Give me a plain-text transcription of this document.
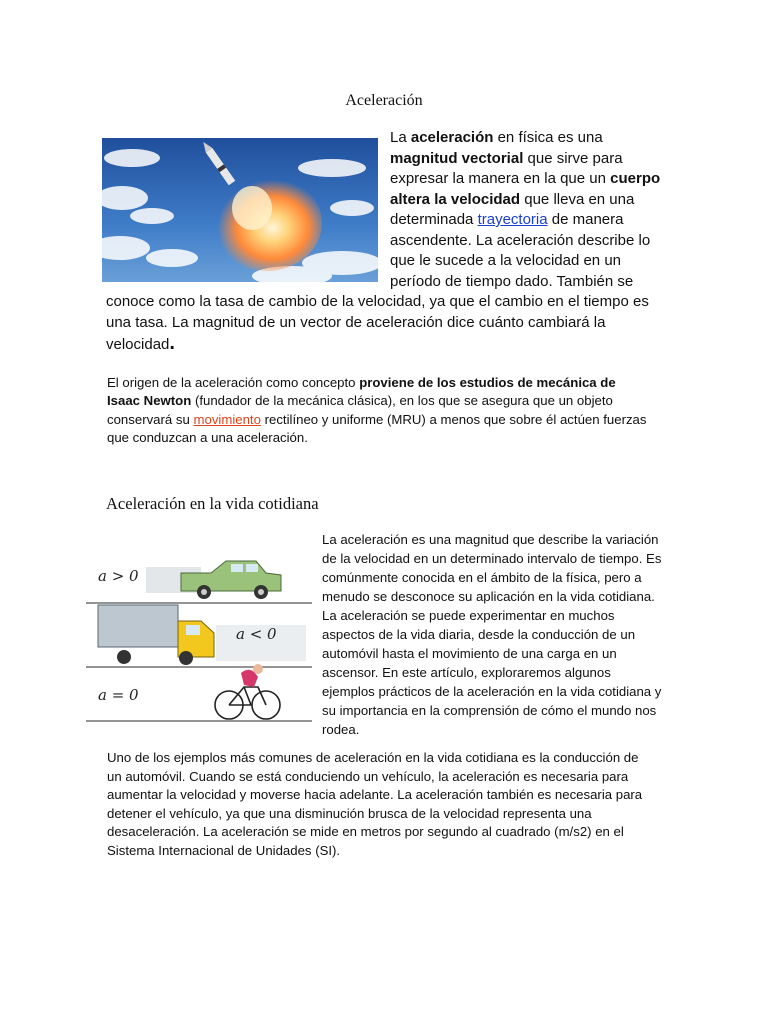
Aceleración

La aceleración en física es una magnitud vectorial que sirve para expresar la manera en la que un cuerpo altera la velocidad que lleva en una determinada trayectoria de manera ascendente. La aceleración describe lo que le sucede a la velocidad en un período de tiempo dado. También se conoce como la tasa de cambio de la velocidad, ya que el cambio en el tiempo es una tasa. La magnitud de un vector de aceleración dice cuánto cambiará la velocidad.

El origen de la aceleración como concepto proviene de los estudios de mecánica de Isaac Newton (fundador de la mecánica clásica), en los que se asegura que un objeto conservará su movimiento rectilíneo y uniforme (MRU) a menos que sobre él actúen fuerzas que conduzcan a una aceleración.

Aceleración en la vida cotidiana
a > 0
a < 0
a = 0

La aceleración es una magnitud que describe la variación de la velocidad en un determinado intervalo de tiempo. Es comúnmente conocida en el ámbito de la física, pero a menudo se desconoce su aplicación en la vida cotidiana. La aceleración se puede experimentar en muchos aspectos de la vida diaria, desde la conducción de un automóvil hasta el movimiento de una carga en un ascensor. En este artículo, exploraremos algunos ejemplos prácticos de la aceleración en la vida cotidiana y su importancia en la comprensión de cómo el mundo nos rodea.

Uno de los ejemplos más comunes de aceleración en la vida cotidiana es la conducción de un automóvil. Cuando se está conduciendo un vehículo, la aceleración es necesaria para aumentar la velocidad y moverse hacia adelante. La aceleración también es necesaria para detener el vehículo, ya que una disminución brusca de la velocidad representa una desaceleración. La aceleración se mide en metros por segundo al cuadrado (m/s2) en el Sistema Internacional de Unidades (SI).
